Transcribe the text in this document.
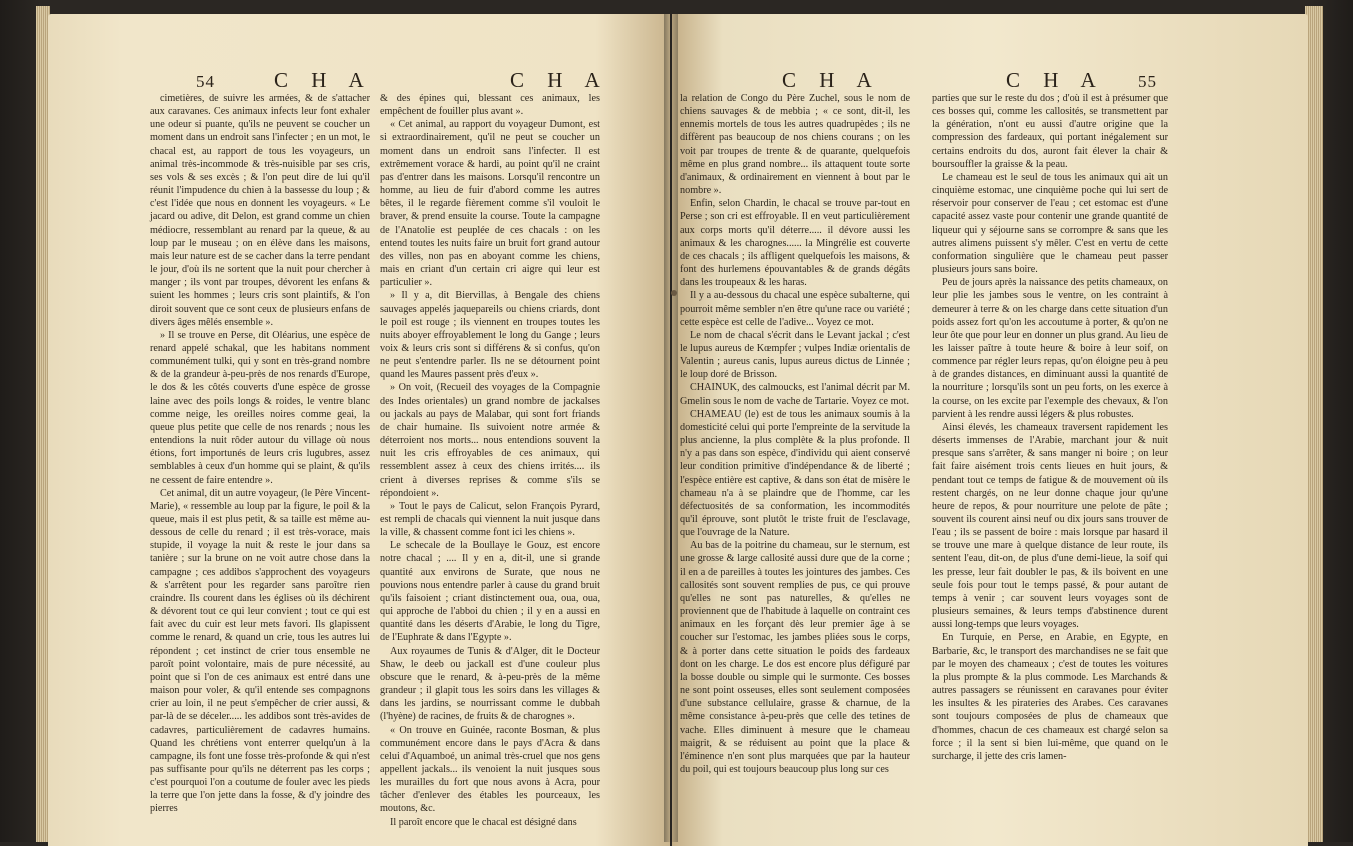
54	C H A	C H A	C H A	C H A 55

cimetières, de suivre les armées, & de s'attacher aux caravanes. Ces animaux infects leur font exhaler une odeur si puante, qu'ils ne peuvent se coucher un moment dans un endroit sans l'infecter ; en un mot, le chacal est, au rapport de tous les voyageurs, un animal très-incommode & très-nuisible par ses cris, ses vols & ses excès ; & l'on peut dire de lui qu'il réunit l'impudence du chien à la bassesse du loup ; & c'est l'idée que nous en donnent les voyageurs. « Le jacard ou adive, dit Delon, est grand comme un chien médiocre, ressemblant au renard par la queue, & au loup par le museau ; on en élève dans les maisons, mais leur nature est de se cacher dans la terre pendant le jour, d'où ils ne sortent que la nuit pour chercher à manger ; ils vont par troupes, dévorent les enfans & suient les hommes ; leurs cris sont plaintifs, & l'on diroit souvent que ce sont ceux de plusieurs enfans de divers âges mêlés ensemble ».

» Il se trouve en Perse, dit Oléarius, une espèce de renard appelé schakal, que les habitans nomment communément tulki, qui y sont en très-grand nombre & de la grandeur à-peu-près de nos renards d'Europe, le dos & les côtés couverts d'une espèce de grosse laine avec des poils longs & roides, le ventre blanc comme neige, les oreilles noires comme geai, la queue plus petite que celle de nos renards ; nous les entendions la nuit rôder autour du village où nous étions, fort importunés de leurs cris lugubres, assez semblables à ceux d'un homme qui se plaint, & qu'ils ne cessent de faire entendre ».

Cet animal, dit un autre voyageur, (le Père Vincent-Marie), « ressemble au loup par la figure, le poil & la queue, mais il est plus petit, & sa taille est même au-dessous de celle du renard ; il est très-vorace, mais stupide, il voyage la nuit & reste le jour dans sa tanière ; sur la brune on ne voit autre chose dans la campagne ; ces addibos s'approchent des voyageurs & s'arrêtent pour les regarder sans paroître rien craindre. Ils courent dans les églises où ils déchirent & dévorent tout ce qui leur convient ; tout ce qui est fait avec du cuir est leur mets favori. Ils glapissent comme le renard, & quand un crie, tous les autres lui répondent ; cet instinct de crier tous ensemble ne paroît point volontaire, mais de pure nécessité, au point que si l'on de ces animaux est entré dans une maison pour voler, & qu'il entende ses compagnons crier au loin, il ne peut s'empêcher de crier aussi, & par-là de se déceler..... les addibos sont très-avides de cadavres, particulièrement de cadavres humains. Quand les chrétiens vont enterrer quelqu'un à la campagne, ils font une fosse très-profonde & qui n'est pas suffisante pour qu'ils ne déterrent pas les corps ; c'est pourquoi l'on a coutume de fouler avec les pieds la terre que l'on jette dans la fosse, & d'y joindre des pierres

& des épines qui, blessant ces animaux, les empêchent de fouiller plus avant ».

« Cet animal, au rapport du voyageur Dumont, est si extraordinairement, qu'il ne peut se coucher un moment dans un endroit sans l'infecter. Il est extrêmement vorace & hardi, au point qu'il ne craint pas d'entrer dans les maisons. Lorsqu'il rencontre un homme, au lieu de fuir d'abord comme les autres bêtes, il le regarde fièrement comme s'il vouloit le braver, & prend ensuite la course. Toute la campagne de l'Anatolie est peuplée de ces chacals : on les entend toutes les nuits faire un bruit fort grand autour des villes, non pas en aboyant comme les chiens, mais en criant d'un certain cri aigre qui leur est particulier ».

» Il y a, dit Biervillas, à Bengale des chiens sauvages appelés jaquepareils ou chiens criards, dont le poil est rouge ; ils viennent en troupes toutes les nuits aboyer effroyablement le long du Gange ; leurs voix & leurs cris sont si différens & si confus, qu'on ne peut s'entendre parler. Ils ne se détournent point quand les Maures passent près d'eux ».

» On voit, (Recueil des voyages de la Compagnie des Indes orientales) un grand nombre de jackalses ou jackals au pays de Malabar, qui sont fort friands de chair humaine. Ils suivoient notre armée & déterroient nos morts... nous entendions souvent la nuit les cris effroyables de ces animaux, qui ressemblent assez à ceux des chiens irrités.... ils crient à diverses reprises & comme s'ils se répondoient ».

» Tout le pays de Calicut, selon François Pyrard, est rempli de chacals qui viennent la nuit jusque dans la ville, & chassent comme font ici les chiens ».

Le schecale de la Boullaye le Gouz, est encore notre chacal ; .... Il y en a, dit-il, une si grande quantité aux environs de Surate, que nous ne pouvions nous entendre parler à cause du grand bruit qu'ils faisoient ; criant distinctement oua, oua, oua, qui approche de l'abboi du chien ; il y en a aussi en quantité dans les déserts d'Arabie, le long du Tigre, de l'Euphrate & dans l'Egypte ».

Aux royaumes de Tunis & d'Alger, dit le Docteur Shaw, le deeb ou jackall est d'une couleur plus obscure que le renard, & à-peu-près de la même grandeur ; il glapit tous les soirs dans les villages & dans les jardins, se nourrissant comme le dubbah (l'hyène) de racines, de fruits & de charognes ».

« On trouve en Guinée, raconte Bosman, & plus communément encore dans le pays d'Acra & dans celui d'Aquamboé, un animal très-cruel que nos gens appellent jackals... ils venoient la nuit jusques sous les murailles du fort que nous avons à Acra, pour tâcher d'enlever des étables les pourceaux, les moutons, &c.

Il paroît encore que le chacal est désigné dans

la relation de Congo du Père Zuchel, sous le nom de chiens sauvages & de mebbia ; « ce sont, dit-il, les ennemis mortels de tous les autres quadrupèdes ; ils ne diffèrent pas beaucoup de nos chiens courans ; on les voit par troupes de trente & de quarante, quelquefois même en plus grand nombre... ils attaquent toute sorte d'animaux, & ordinairement en viennent à bout par le nombre ».

Enfin, selon Chardin, le chacal se trouve par-tout en Perse ; son cri est effroyable. Il en veut particulièrement aux corps morts qu'il déterre..... il dévore aussi les animaux & les charognes...... la Mingrélie est couverte de ces chacals ; ils affligent quelquefois les maisons, & font des hurlemens épouvantables & de grands dégâts dans les troupeaux & les haras.

Il y a au-dessous du chacal une espèce subalterne, qui pourroit même sembler n'en être qu'une race ou variété ; cette espèce est celle de l'adive... Voyez ce mot.

Le nom de chacal s'écrit dans le Levant jackal ; c'est le lupus aureus de Kœmpfer ; vulpes Indiæ orientalis de Valentin ; aureus canis, lupus aureus dictus de Linnée ; le loup doré de Brisson.

CHAINUK, des calmoucks, est l'animal décrit par M. Gmelin sous le nom de vache de Tartarie. Voyez ce mot.

CHAMEAU (le) est de tous les animaux soumis à la domesticité celui qui porte l'empreinte de la servitude la plus ancienne, la plus complète & la plus profonde. Il n'y a pas dans son espèce, d'individu qui aient conservé leur condition primitive d'indépendance & de liberté ; l'espèce entière est captive, & dans son état de misère le chameau n'a à se plaindre que de l'homme, car les défectuosités de sa conformation, les incommodités qu'il éprouve, sont plutôt le triste fruit de l'esclavage, que l'ouvrage de la Nature.

Au bas de la poitrine du chameau, sur le sternum, est une grosse & large callosité aussi dure que de la corne ; il en a de pareilles à toutes les jointures des jambes. Ces callosités sont souvent remplies de pus, ce qui prouve qu'elles ne sont pas naturelles, & qu'elles ne proviennent que de l'habitude à laquelle on contraint ces animaux en les forçant dès leur premier âge à se coucher sur l'estomac, les jambes pliées sous le corps, & à porter dans cette situation le poids des fardeaux dont on les charge. Le dos est encore plus défiguré par la bosse double ou simple qui le surmonte. Ces bosses ne sont point osseuses, elles sont seulement composées d'une substance cellulaire, grasse & charnue, de la même consistance à-peu-près que celle des tetines de vache. Elles diminuent à mesure que le chameau maigrit, & se réduisent au point que la place & l'éminence n'en sont plus marquées que par la hauteur du poil, qui est toujours beaucoup plus long sur ces

parties que sur le reste du dos ; d'où il est à présumer que ces bosses qui, comme les callosités, se transmettent par la génération, n'ont eu aussi d'autre origine que la compression des fardeaux, qui portant inégalement sur certains endroits du dos, auront fait élever la chair & boursouffler la graisse & la peau.

Le chameau est le seul de tous les animaux qui ait un cinquième estomac, une cinquième poche qui lui sert de réservoir pour conserver de l'eau ; cet estomac est d'une capacité assez vaste pour contenir une grande quantité de liqueur qui y séjourne sans se corrompre & sans que les autres alimens puissent s'y mêler. C'est en vertu de cette conformation singulière que le chameau peut passer plusieurs jours sans boire.

Peu de jours après la naissance des petits chameaux, on leur plie les jambes sous le ventre, on les contraint à demeurer à terre & on les charge dans cette situation d'un poids assez fort qu'on les accoutume à porter, & qu'on ne leur ôte que pour leur en donner un plus grand. Au lieu de les laisser paître à toute heure & boire à leur soif, on commence par régler leurs repas, qu'on éloigne peu à peu à de grandes distances, en diminuant aussi la quantité de la nourriture ; lorsqu'ils sont un peu forts, on les exerce à la course, on les excite par l'exemple des chevaux, & l'on parvient à les rendre aussi légers & plus robustes.

Ainsi élevés, les chameaux traversent rapidement les déserts immenses de l'Arabie, marchant jour & nuit presque sans s'arrêter, & sans manger ni boire ; on leur fait faire aisément trois cents lieues en huit jours, & pendant tout ce temps de fatigue & de mouvement où ils restent chargés, on ne leur donne chaque jour qu'une heure de repos, & pour nourriture une pelote de pâte ; souvent ils courent ainsi neuf ou dix jours sans trouver de l'eau ; ils se passent de boire : mais lorsque par hasard il se trouve une mare à quelque distance de leur route, ils sentent l'eau, dit-on, de plus d'une demi-lieue, la soif qui les presse, leur fait doubler le pas, & ils boivent en une seule fois pour tout le temps passé, & pour autant de temps à venir ; car souvent leurs voyages sont de plusieurs semaines, & leurs temps d'abstinence durent aussi long-temps que leurs voyages.

En Turquie, en Perse, en Arabie, en Egypte, en Barbarie, &c, le transport des marchandises ne se fait que par le moyen des chameaux ; c'est de toutes les voitures la plus prompte & la plus commode. Les Marchands & autres passagers se réunissent en caravanes pour éviter les insultes & les pirateries des Arabes. Ces caravanes sont toujours composées de plus de chameaux que d'hommes, chacun de ces chameaux est chargé selon sa force ; il la sent si bien lui-même, que quand on le surcharge, il jette des cris lamen-
